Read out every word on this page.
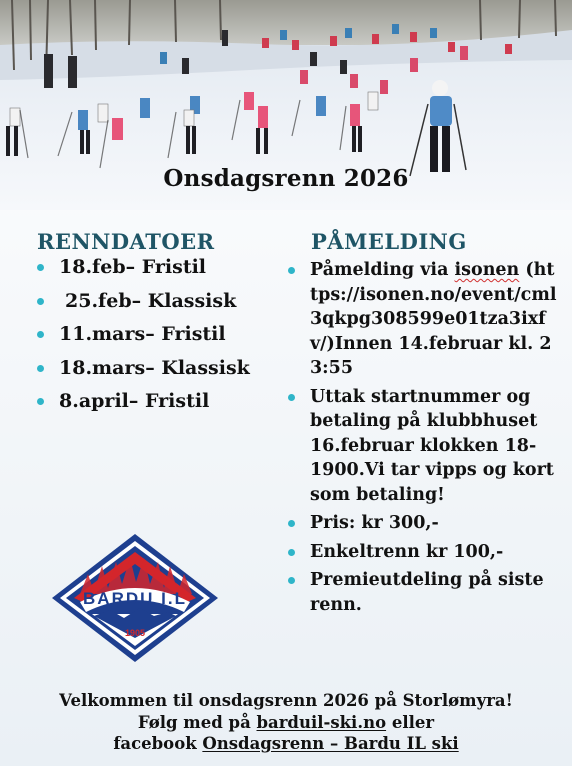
Onsdagsrenn 2026
RENNDATOER
18.feb– Fristil
25.feb– Klassisk
11.mars– Fristil
18.mars– Klassisk
8.april– Fristil
PÅMELDING
Påmelding via isonen (https://isonen.no/event/cml3qkpg308599e01tza3ixfv/)Innen 14.februar kl. 23:55
Uttak startnummer og betaling på klubbhuset 16.februar klokken 18-1900.Vi tar vipps og kort som betaling!
Pris: kr 300,-
Enkeltrenn kr 100,-
Premieutdeling på siste renn.
1905
BARDU I.L
Velkommen til onsdagsrenn 2026 på Storlømyra!
Følg med på barduil-ski.no eller
facebook Onsdagsrenn – Bardu IL ski
